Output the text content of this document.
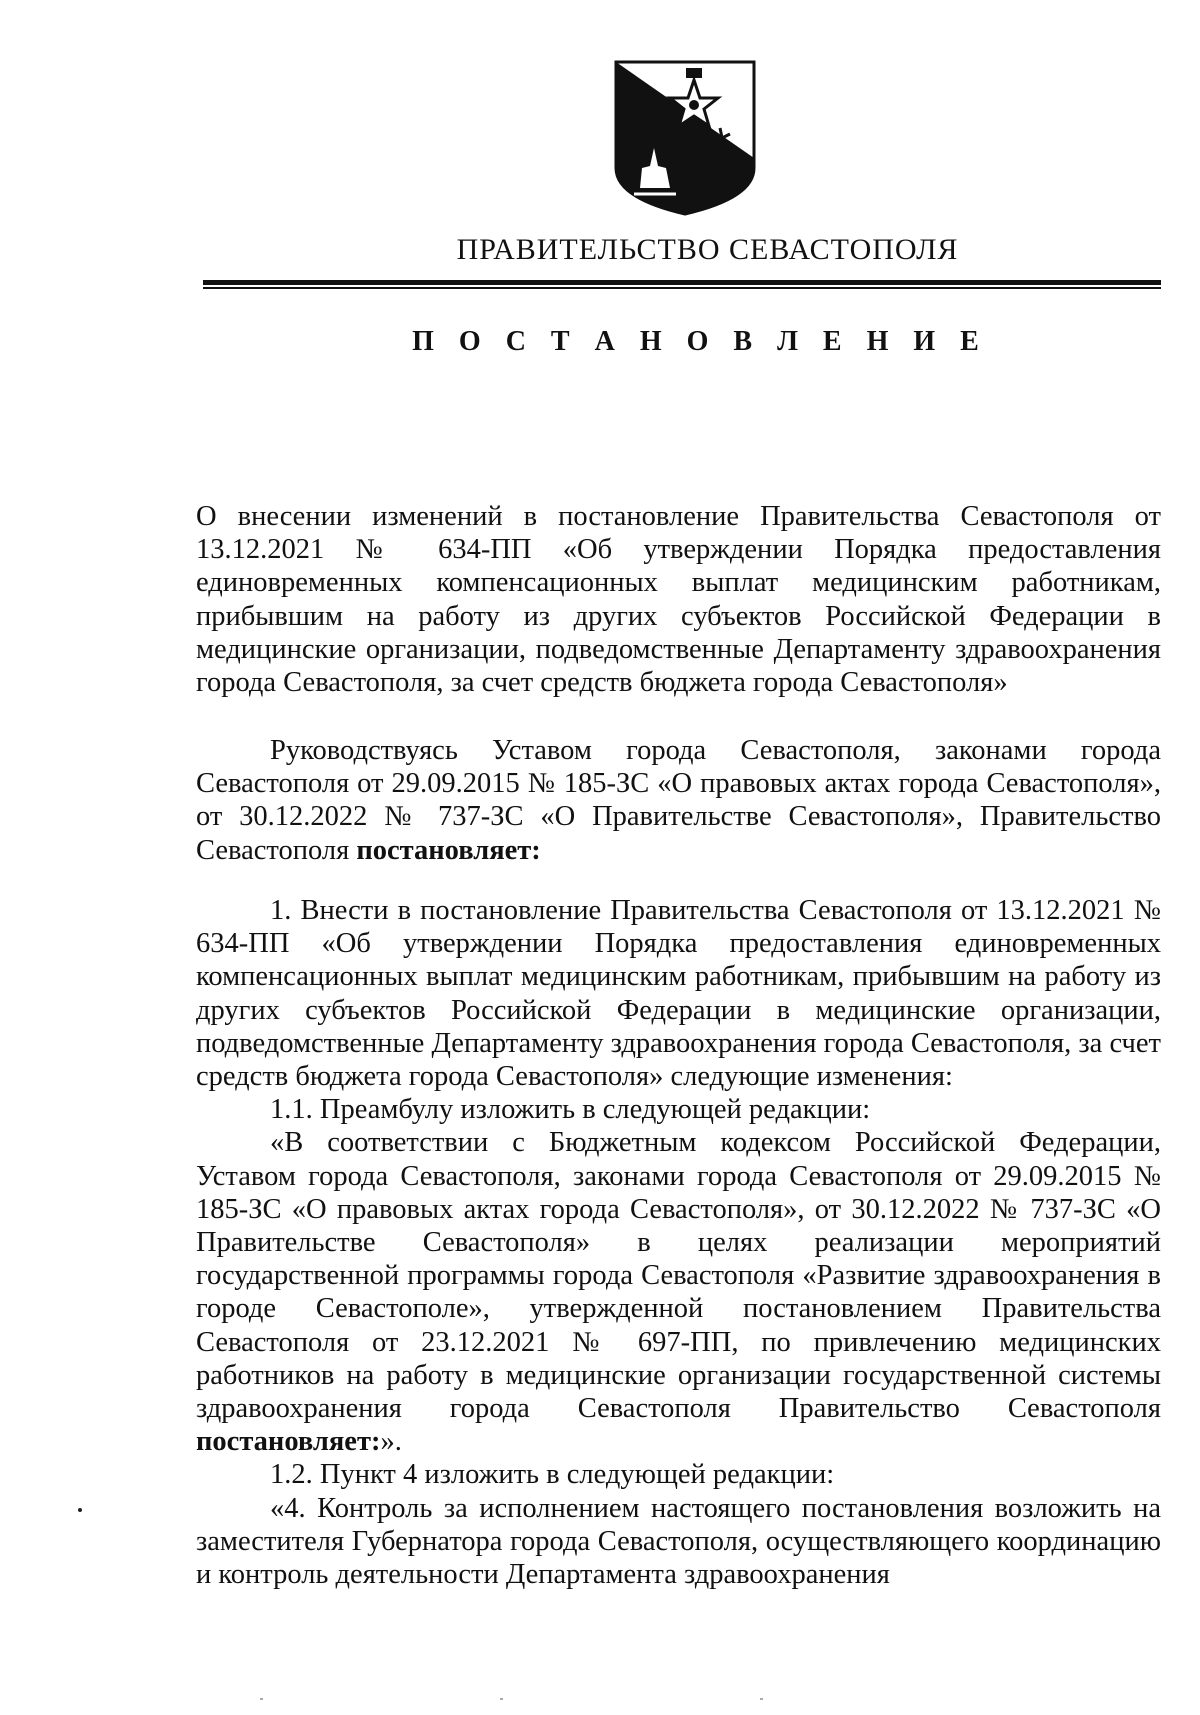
ПРАВИТЕЛЬСТВО СЕВАСТОПОЛЯ
П О С Т А Н О В Л Е Н И Е

О внесении изменений в постановление Правительства Севастополя от 13.12.2021 № 634-ПП «Об утверждении Порядка предоставления единовременных компенсационных выплат медицинским работникам, прибывшим на работу из других субъектов Российской Федерации в медицинские организации, подведомственные Департаменту здравоохранения города Севастополя, за счет средств бюджета города Севастополя»

Руководствуясь Уставом города Севастополя, законами города Севастополя от 29.09.2015 № 185-ЗС «О правовых актах города Севастополя», от 30.12.2022 № 737-ЗС «О Правительстве Севастополя», Правительство Севастополя постановляет:

1. Внести в постановление Правительства Севастополя от 13.12.2021 № 634-ПП «Об утверждении Порядка предоставления единовременных компенсационных выплат медицинским работникам, прибывшим на работу из других субъектов Российской Федерации в медицинские организации, подведомственные Департаменту здравоохранения города Севастополя, за счет средств бюджета города Севастополя» следующие изменения:

1.1. Преамбулу изложить в следующей редакции:

«В соответствии с Бюджетным кодексом Российской Федерации, Уставом города Севастополя, законами города Севастополя от 29.09.2015 № 185-ЗС «О правовых актах города Севастополя», от 30.12.2022 № 737-ЗС «О Правительстве Севастополя» в целях реализации мероприятий государственной программы города Севастополя «Развитие здравоохранения в городе Севастополе», утвержденной постановлением Правительства Севастополя от 23.12.2021 № 697-ПП, по привлечению медицинских работников на работу в медицинские организации государственной системы здравоохранения города Севастополя Правительство Севастополя постановляет:».

1.2. Пункт 4 изложить в следующей редакции:

«4. Контроль за исполнением настоящего постановления возложить на заместителя Губернатора города Севастополя, осуществляющего координацию и контроль деятельности Департамента здравоохранения
